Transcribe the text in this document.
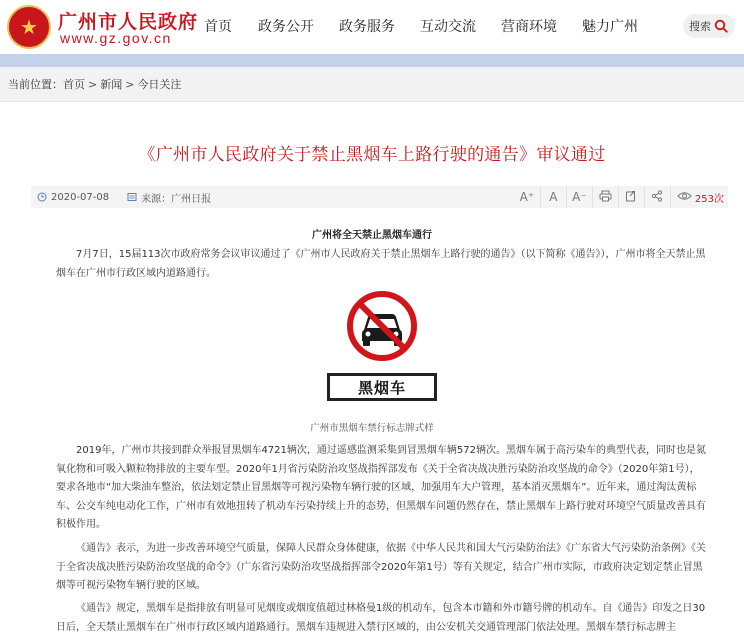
★ 广州市人民政府
www.gz.gov.cn
首页	政务公开	政务服务	互动交流	营商环境	魅力广州	搜索
当前位置： 首页 > 新闻 > 今日关注
《广州市人民政府关于禁止黑烟车上路行驶的通告》审议通过
2020-07-08	来源： 广州日报	A⁺	A	A⁻	253次
广州将全天禁止黑烟车通行
7月7日，15届113次市政府常务会议审议通过了《广州市人民政府关于禁止黑烟车上路行驶的通告》（以下简称《通告》），广州市将全天禁止黑烟车在广州市行政区域内道路通行。
黑烟车
广州市黑烟车禁行标志牌式样
2019年，广州市共接到群众举报冒黑烟车4721辆次，通过遥感监测采集到冒黑烟车辆572辆次。黑烟车属于高污染车的典型代表，同时也是氮氧化物和可吸入颗粒物排放的主要车型。2020年1月省污染防治攻坚战指挥部发布《关于全省决战决胜污染防治攻坚战的命令》（2020年第1号），要求各地市“加大柴油车整治，依法划定禁止冒黑烟等可视污染物车辆行驶的区域，加强用车大户管理，基本消灭黑烟车”。近年来，通过淘汰黄标车、公交车纯电动化工作，广州市有效地扭转了机动车污染持续上升的态势，但黑烟车问题仍然存在，禁止黑烟车上路行驶对环境空气质量改善具有积极作用。
《通告》表示，为进一步改善环境空气质量，保障人民群众身体健康，依据《中华人民共和国大气污染防治法》《广东省大气污染防治条例》《关于全省决战决胜污染防治攻坚战的命令》（广东省污染防治攻坚战指挥部令2020年第1号）等有关规定，结合广州市实际，市政府决定划定禁止冒黑烟等可视污染物车辆行驶的区域。
《通告》规定，黑烟车是指排放有明显可见烟度或烟度值超过林格曼1级的机动车，包含本市籍和外市籍号牌的机动车。自《通告》印发之日30日后，全天禁止黑烟车在广州市行政区域内道路通行。黑烟车违规进入禁行区域的，由公安机关交通管理部门依法处理。黑烟车禁行标志牌主
